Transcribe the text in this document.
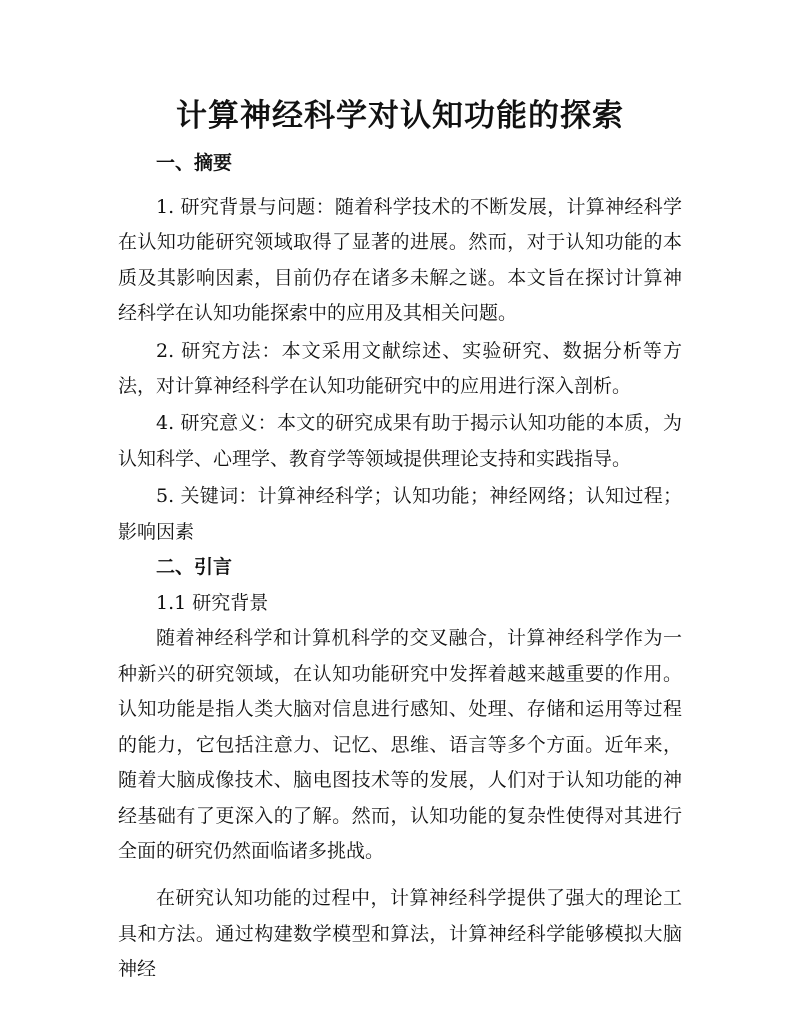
计算神经科学对认知功能的探索
一、摘要

1. 研究背景与问题：随着科学技术的不断发展，计算神经科学在认知功能研究领域取得了显著的进展。然而，对于认知功能的本质及其影响因素，目前仍存在诸多未解之谜。本文旨在探讨计算神经科学在认知功能探索中的应用及其相关问题。

2. 研究方法：本文采用文献综述、实验研究、数据分析等方法，对计算神经科学在认知功能研究中的应用进行深入剖析。

4. 研究意义：本文的研究成果有助于揭示认知功能的本质，为认知科学、心理学、教育学等领域提供理论支持和实践指导。

5. 关键词：计算神经科学；认知功能；神经网络；认知过程；影响因素

二、引言

1.1 研究背景

随着神经科学和计算机科学的交叉融合，计算神经科学作为一种新兴的研究领域，在认知功能研究中发挥着越来越重要的作用。认知功能是指人类大脑对信息进行感知、处理、存储和运用等过程的能力，它包括注意力、记忆、思维、语言等多个方面。近年来，随着大脑成像技术、脑电图技术等的发展，人们对于认知功能的神经基础有了更深入的了解。然而，认知功能的复杂性使得对其进行全面的研究仍然面临诸多挑战。

在研究认知功能的过程中，计算神经科学提供了强大的理论工具和方法。通过构建数学模型和算法，计算神经科学能够模拟大脑神经
